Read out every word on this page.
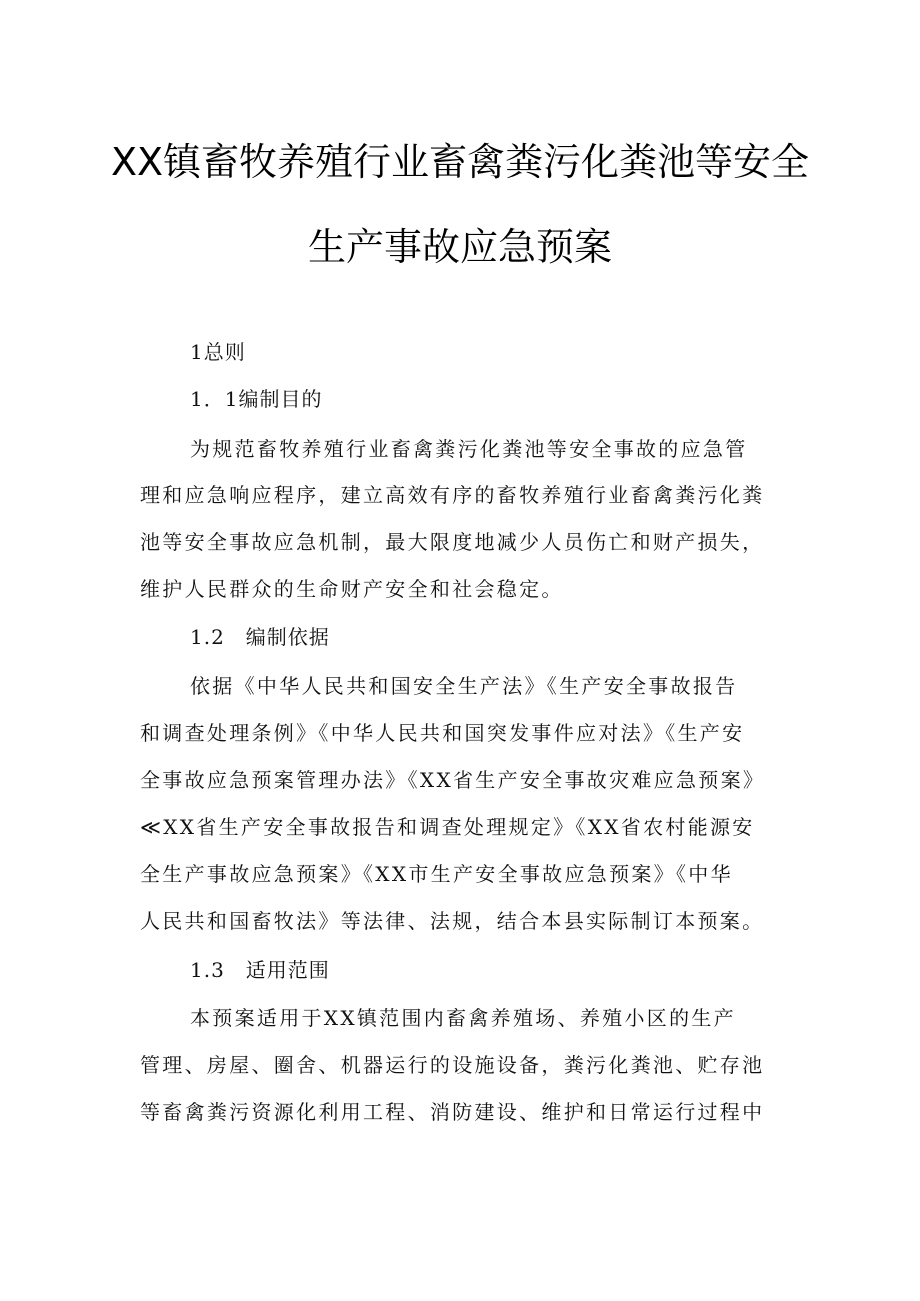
XX镇畜牧养殖行业畜禽粪污化粪池等安全
生产事故应急预案
1总则
1．1编制目的
为规范畜牧养殖行业畜禽粪污化粪池等安全事故的应急管
理和应急响应程序，建立高效有序的畜牧养殖行业畜禽粪污化粪
池等安全事故应急机制，最大限度地减少人员伤亡和财产损失，
维护人民群众的生命财产安全和社会稳定。
1.2　编制依据
依据《中华人民共和国安全生产法》《生产安全事故报告
和调查处理条例》《中华人民共和国突发事件应对法》《生产安
全事故应急预案管理办法》《XX省生产安全事故灾难应急预案》
≪XX省生产安全事故报告和调查处理规定》《XX省农村能源安
全生产事故应急预案》《XX市生产安全事故应急预案》《中华
人民共和国畜牧法》等法律、法规，结合本县实际制订本预案。
1.3　适用范围
本预案适用于XX镇范围内畜禽养殖场、养殖小区的生产
管理、房屋、圈舍、机器运行的设施设备，粪污化粪池、贮存池
等畜禽粪污资源化利用工程、消防建设、维护和日常运行过程中
